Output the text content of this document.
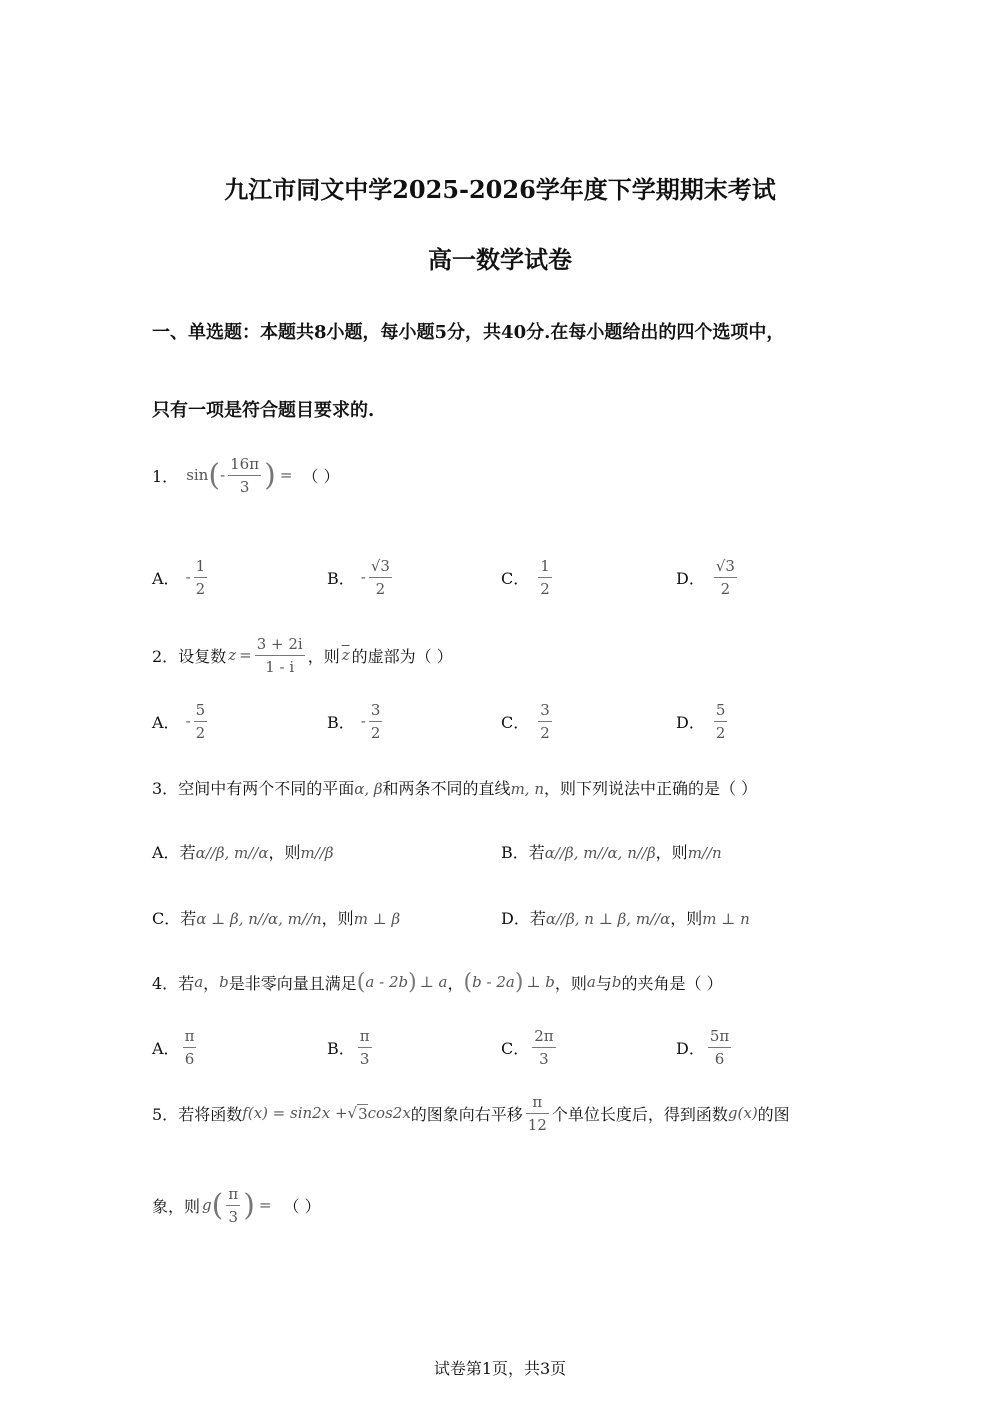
九江市同文中学2025-2026学年度下学期期末考试
高一数学试卷
一、单选题：本题共8小题，每小题5分，共40分.在每小题给出的四个选项中，
只有一项是符合题目要求的.
1． sin ( - $\frac{16\pi}{3}$ ) = （ ）
A． - $\frac{1}{2}$	B． - $\frac{√3}{2}$	C． $\frac{1}{2}$	D． $\frac{√3}{2}$
2． 设复数 $z = \frac{3 + 2i}{1 - i}$ ，则 $\overline{z}$ 的虚部为（ ）
A． - $\frac{5}{2}$	B． - $\frac{3}{2}$	C． $\frac{3}{2}$	D． $\frac{5}{2}$
3．空间中有两个不同的平面α, β和两条不同的直线m, n，则下列说法中正确的是（ ）
A．若α//β, m//α，则m//β	B．若α//β, m//α, n//β，则m//n
C．若α ⊥ β, n//α, m//n，则m ⊥ β	D．若α//β, n ⊥ β, m//α，则m ⊥ n
4． 若 a ， b 是非零向量且满足 ( a - 2b ) ⊥ a ， ( b - 2a ) ⊥ b ，则 a 与 b 的夹角是（ ）
A． $\frac{\pi}{6}$	B． $\frac{\pi}{3}$	C． $\frac{2\pi}{3}$	D． $\frac{5\pi}{6}$
5． 若将函数 f(x) = sin2x + √ 3 cos2x 的图象向右平移 $\frac{\pi}{12}$ 个单位长度后，得到函数 g(x) 的图
象，则 g ( $\frac{\pi}{3}$ ) = （ ）
试卷第1页，共3页
